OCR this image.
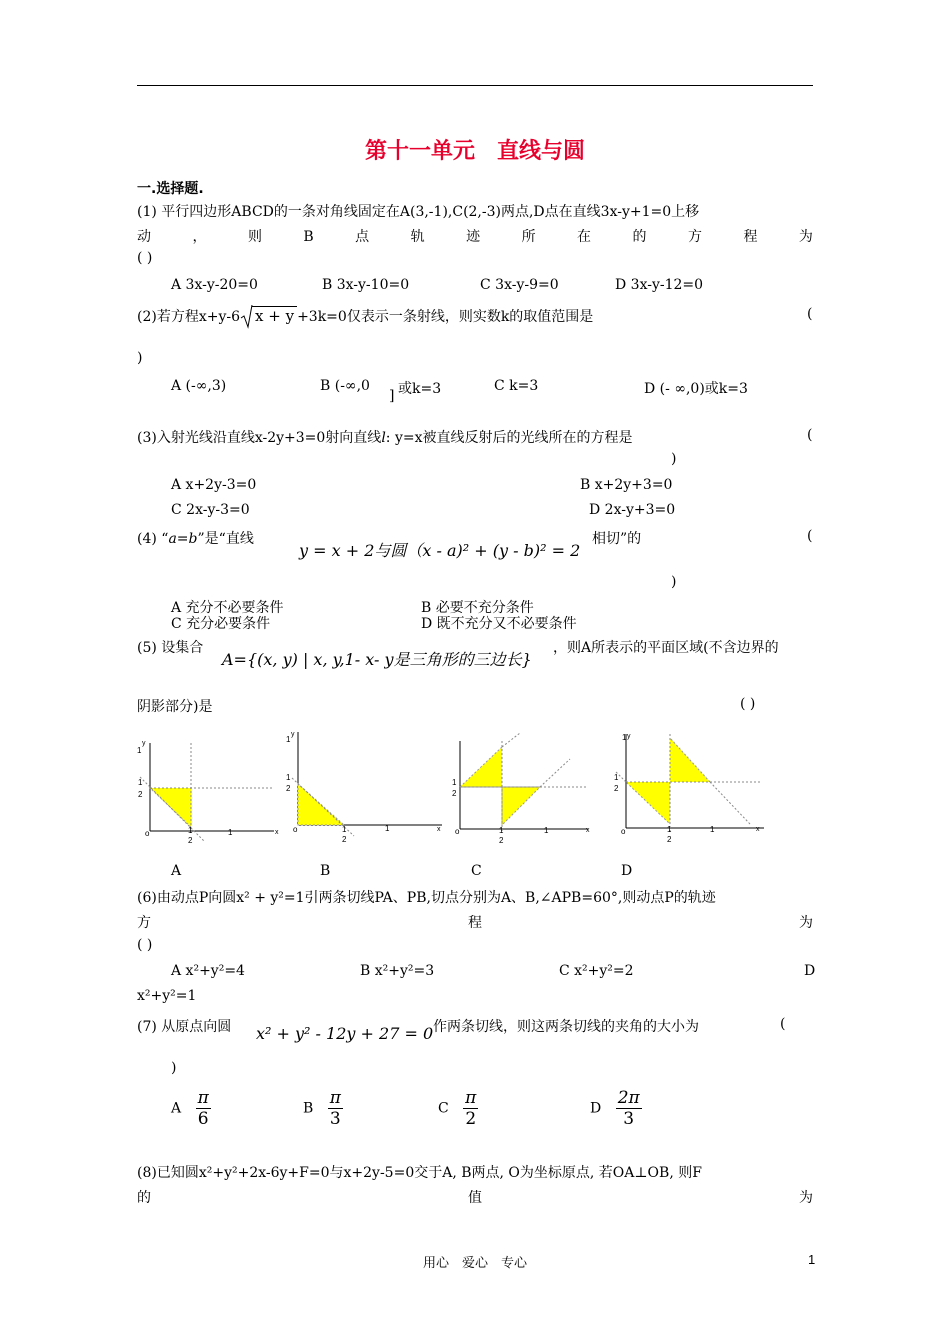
第十一单元　直线与圆
一.选择题.
(1) 平行四边形ABCD的一条对角线固定在A(3,-1),C(2,-3)两点,D点在直线3x-y+1=0上移
动	，	则	B	点	轨	迹	所	在	的	方	程	为
( )
A 3x-y-20=0	B 3x-y-10=0	C 3x-y-9=0	D 3x-y-12=0
(2)若方程x+y-6 x + y +3k=0仅表示一条射线，则实数k的取值范围是	(
)
A (-∞,3)	B (-∞,0
] 或k=3	C k=3	D (- ∞,0)或k=3
(3)入射光线沿直线x-2y+3=0射向直线l: y=x被直线反射后的光线所在的方程是	(
)
A x+2y-3=0	B x+2y+3=0
C 2x-y-3=0	D 2x-y+3=0
(4) “a=b”是“直线
y = x + 2与圆（x - a)² + (y - b)² = 2
相切”的	(
)
A 充分不必要条件	B 必要不充分条件
C 充分必要条件	D 既不充分又不必要条件
(5) 设集合
A={(x, y) | x, y,1- x- y是三角形的三边长}
，则A所表示的平面区域(不含边界的
阴影部分)是	( )
1
y
1
2
o	1
2
1	x
1
y
1
2
o	1
2
1	x
1
2
o	1
2
1	x
1 y
1
2
o	1
2
1	x
A	B	C	D
(6)由动点P向圆x² + y²=1引两条切线PA、PB,切点分别为A、B,∠APB=60°,则动点P的轨迹
方	程	为
( )
A x²+y²=4	B x²+y²=3	C x²+y²=2	D
x²+y²=1
(7) 从原点向圆 x² + y² - 12y + 27 = 0 作两条切线，则这两条切线的夹角的大小为	(
)
A $\frac{\pi}{6}$	B $\frac{\pi}{3}$	C $\frac{\pi}{2}$	D $\frac{2\pi}{3}$
(8)已知圆x²+y²+2x-6y+F=0与x+2y-5=0交于A, B两点, O为坐标原点, 若OA⊥OB, 则F
的	值	为
用心　爱心　专心	1
